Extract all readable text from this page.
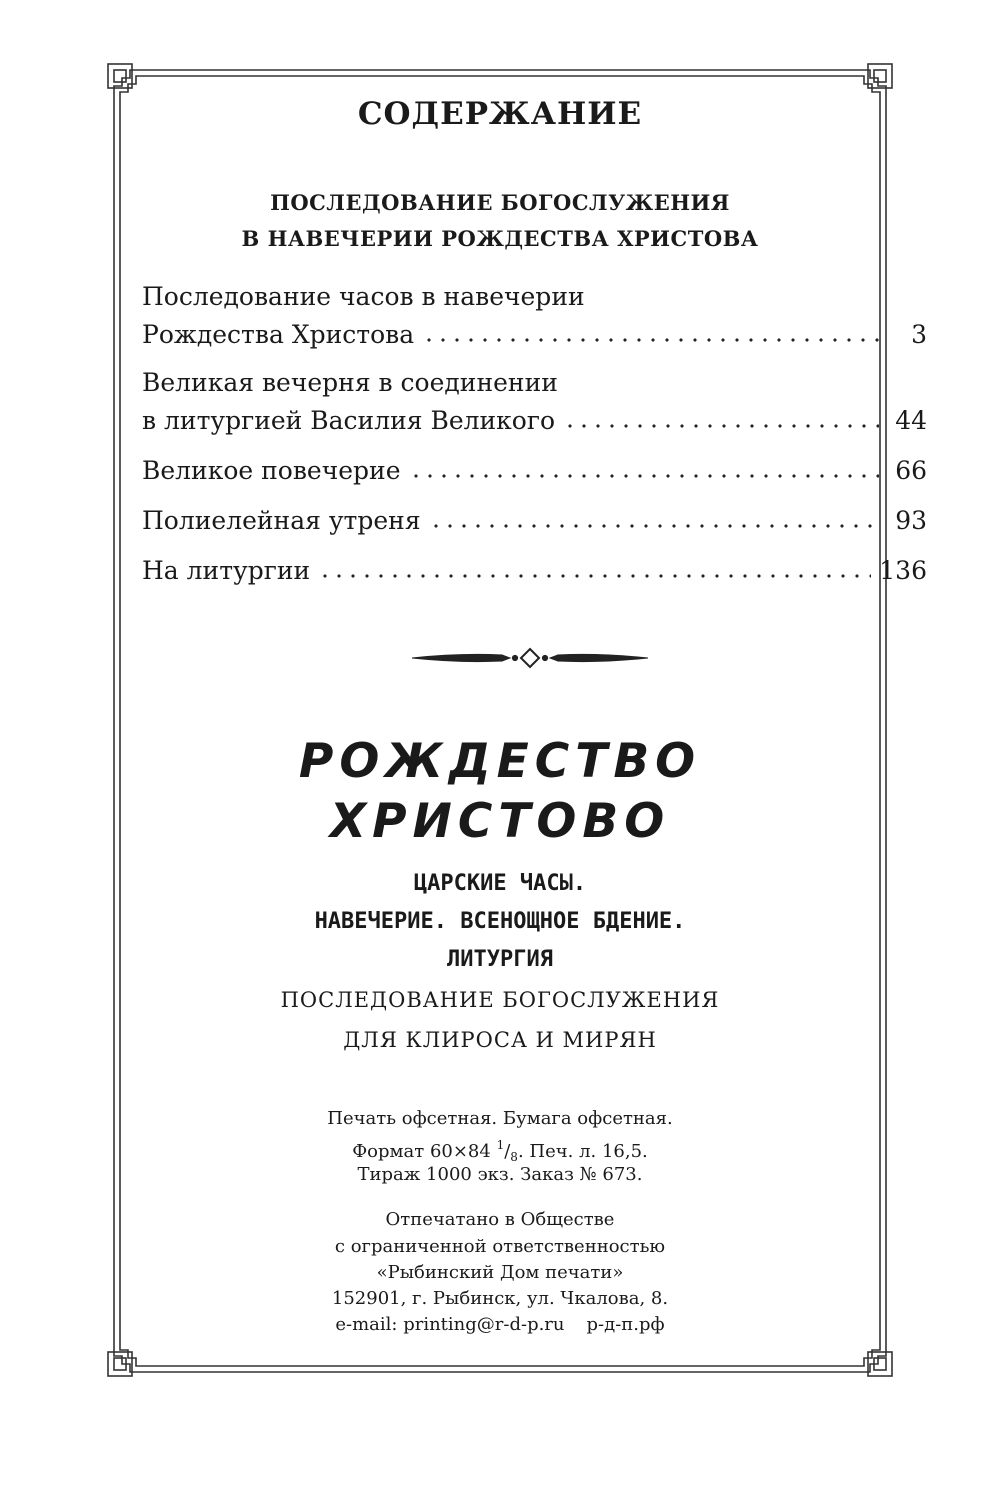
СОДЕРЖАНИЕ
ПОСЛЕДОВАНИЕ БОГОСЛУЖЕНИЯ
В НАВЕЧЕРИИ РОЖДЕСТВА ХРИСТОВА
Последование часов в навечерии
Рождества Христова	3
Великая вечерня в соединении
в литургией Василия Великого	44
Великое повечерие	66
Полиелейная утреня	93
На литургии	136
РОЖДЕСТВО
ХРИСТОВО
ЦАРСКИЕ ЧАСЫ.
НАВЕЧЕРИЕ. ВСЕНОЩНОЕ БДЕНИЕ.
ЛИТУРГИЯ
ПОСЛЕДОВАНИЕ БОГОСЛУЖЕНИЯ
ДЛЯ КЛИРОСА И МИРЯН
Печать офсетная. Бумага офсетная.
Формат 60×84 $^1/_8$. Печ. л. 16,5.
Тираж 1000 экз. Заказ № 673.
Отпечатано в Обществе
с ограниченной ответственностью
«Рыбинский Дом печати»
152901, г. Рыбинск, ул. Чкалова, 8.
e-mail: printing@r-d-p.ru р-д-п.рф
